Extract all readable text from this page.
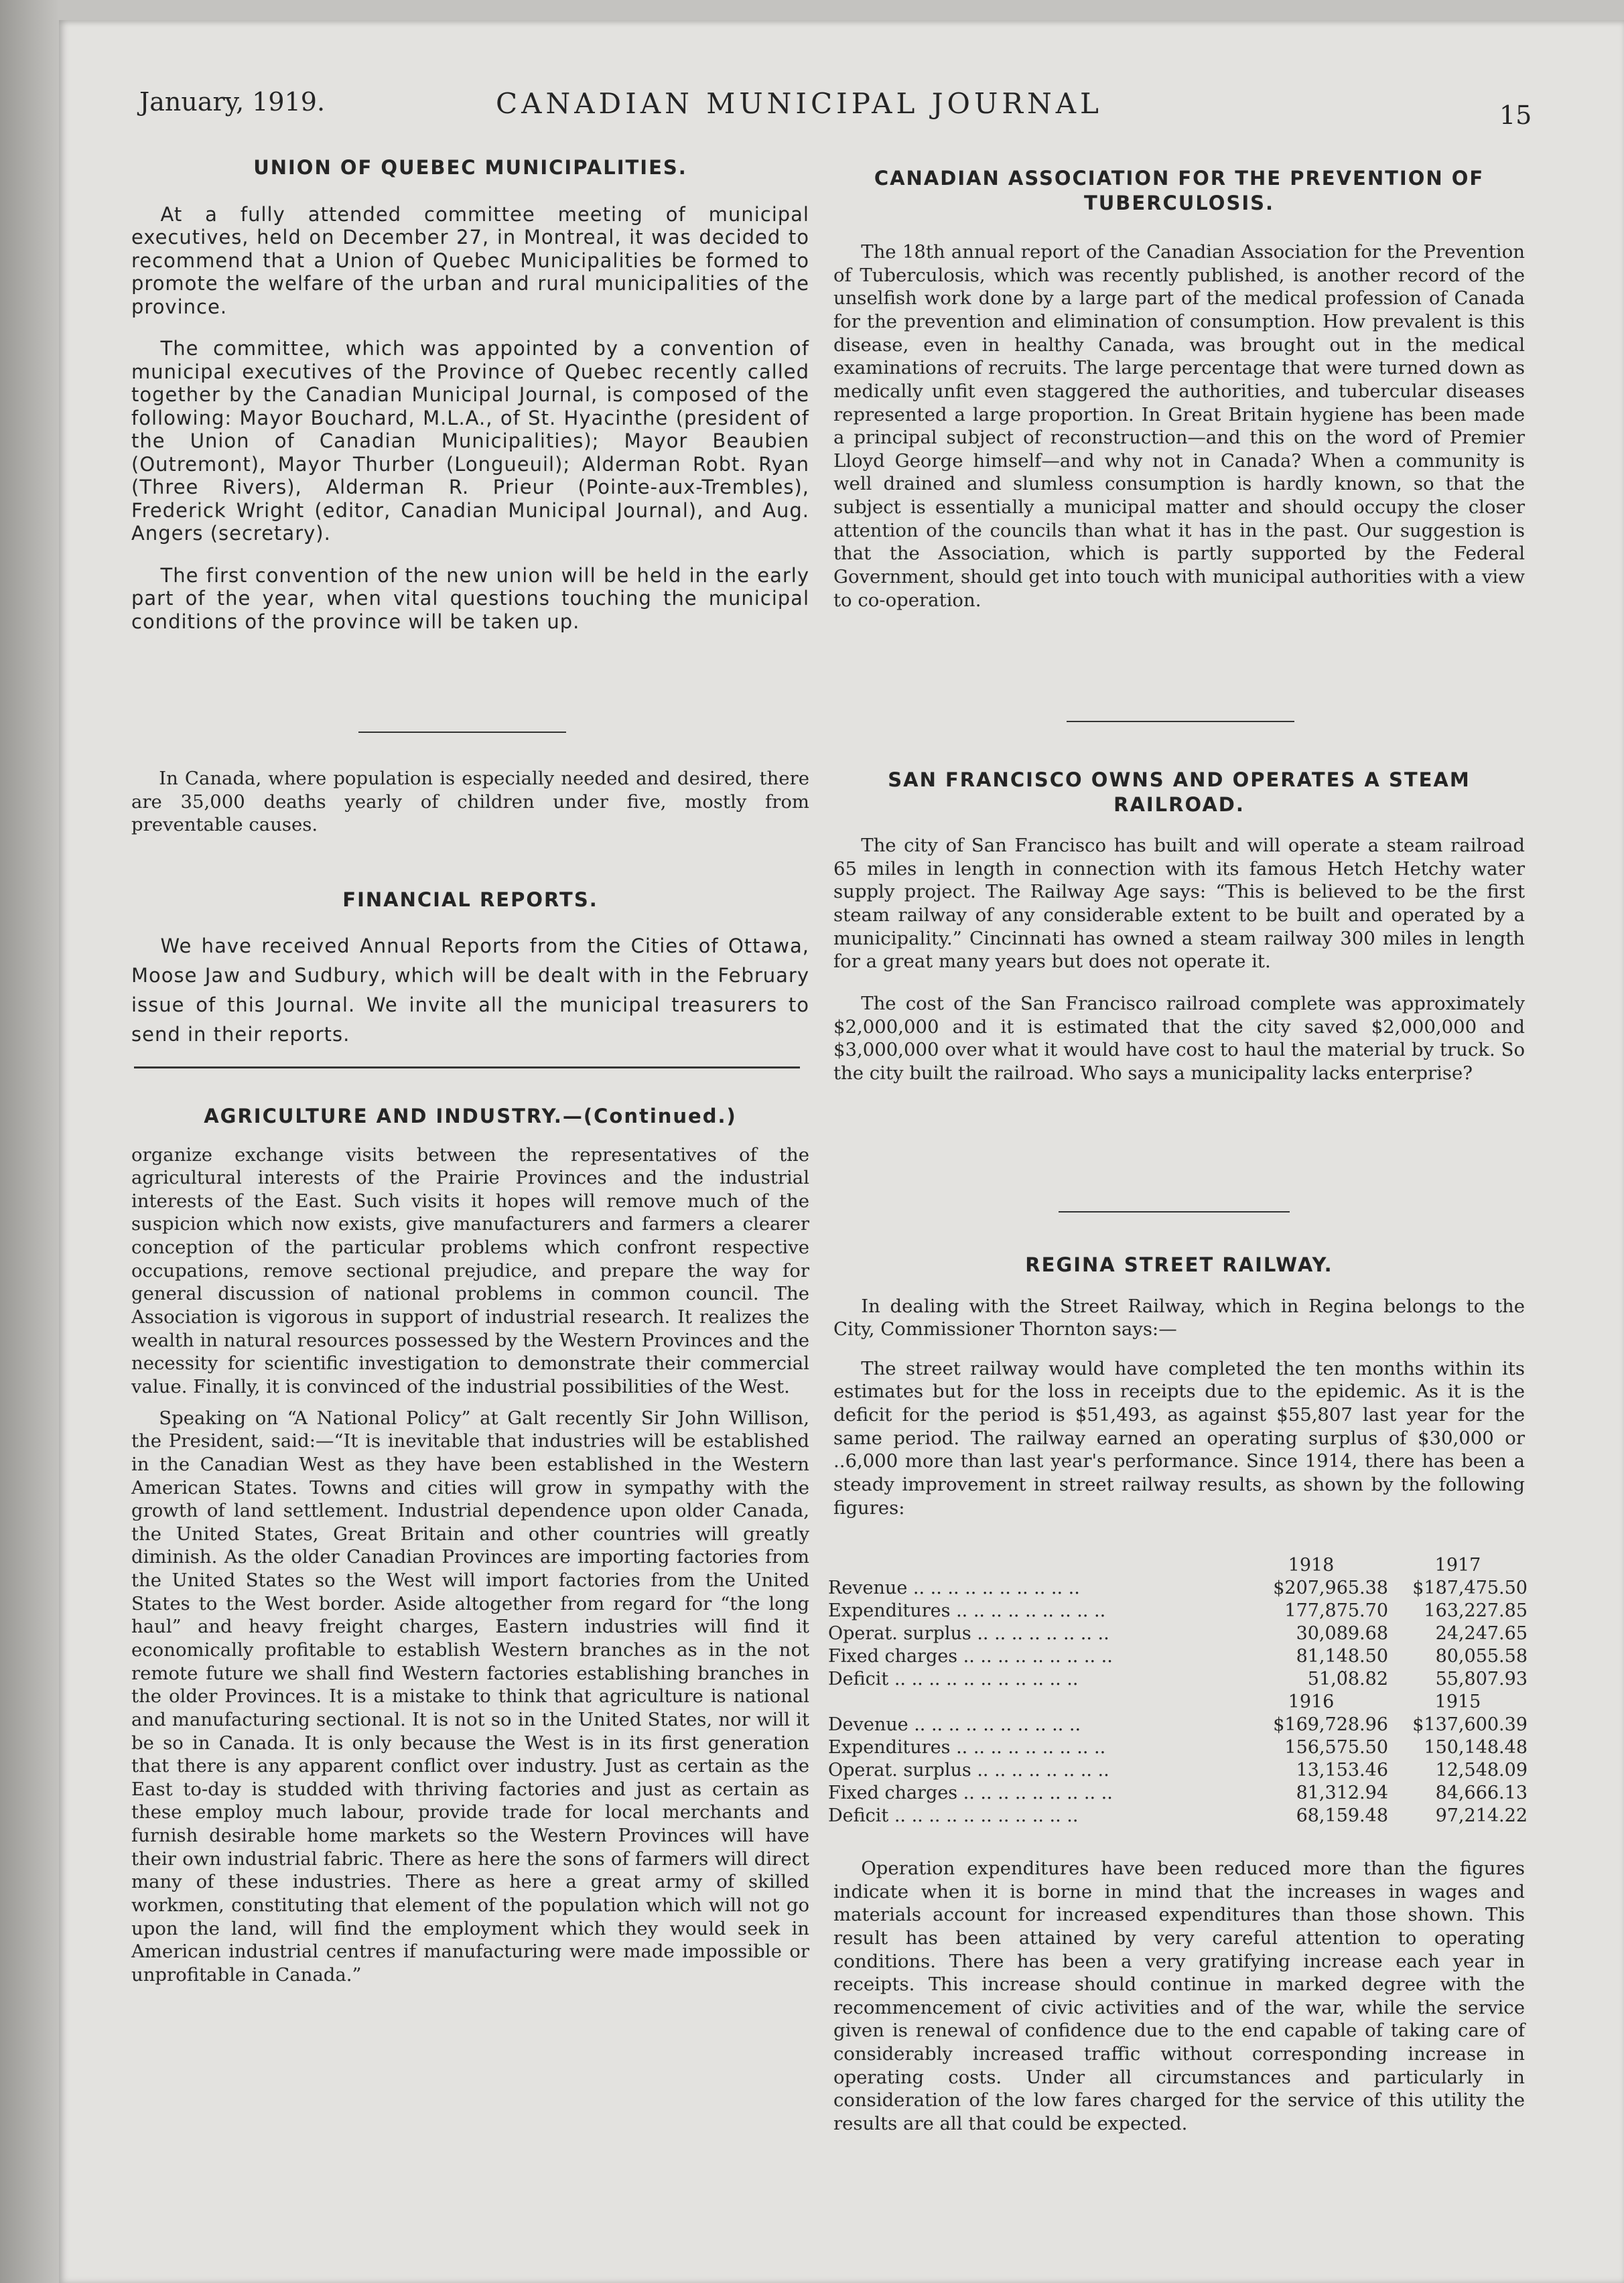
January, 1919.	CANADIAN MUNICIPAL JOURNAL	15
UNION OF QUEBEC MUNICIPALITIES.

At a fully attended committee meeting of municipal executives, held on December 27, in Montreal, it was decided to recommend that a Union of Quebec Municipalities be formed to promote the welfare of the urban and rural municipalities of the province.

The committee, which was appointed by a convention of municipal executives of the Province of Quebec recently called together by the Canadian Municipal Journal, is composed of the following: Mayor Bouchard, M.L.A., of St. Hyacinthe (president of the Union of Canadian Municipalities); Mayor Beaubien (Outremont), Mayor Thurber (Longueuil); Alderman Robt. Ryan (Three Rivers), Alderman R. Prieur (Pointe-aux-Trembles), Frederick Wright (editor, Canadian Municipal Journal), and Aug. Angers (secretary).

The first convention of the new union will be held in the early part of the year, when vital questions touching the municipal conditions of the province will be taken up.

In Canada, where population is especially needed and desired, there are 35,000 deaths yearly of children under five, mostly from preventable causes.

FINANCIAL REPORTS.

We have received Annual Reports from the Cities of Ottawa, Moose Jaw and Sudbury, which will be dealt with in the February issue of this Journal. We invite all the municipal treasurers to send in their reports.

AGRICULTURE AND INDUSTRY.—(Continued.)

organize exchange visits between the representatives of the agricultural interests of the Prairie Provinces and the industrial interests of the East. Such visits it hopes will remove much of the suspicion which now exists, give manufacturers and farmers a clearer conception of the particular problems which confront respective occupations, remove sectional prejudice, and prepare the way for general discussion of national problems in common council. The Association is vigorous in support of industrial research. It realizes the wealth in natural resources possessed by the Western Provinces and the necessity for scientific investigation to demonstrate their commercial value. Finally, it is convinced of the industrial possibilities of the West.

Speaking on “A National Policy” at Galt recently Sir John Willison, the President, said:—“It is inevitable that industries will be established in the Canadian West as they have been established in the Western American States. Towns and cities will grow in sympathy with the growth of land settlement. Industrial dependence upon older Canada, the United States, Great Britain and other countries will greatly diminish. As the older Canadian Provinces are importing factories from the United States so the West will import factories from the United States to the West border. Aside altogether from regard for “the long haul” and heavy freight charges, Eastern industries will find it economically profitable to establish Western branches as in the not remote future we shall find Western factories establishing branches in the older Provinces. It is a mistake to think that agriculture is national and manufacturing sectional. It is not so in the United States, nor will it be so in Canada. It is only because the West is in its first generation that there is any apparent conflict over industry. Just as certain as the East to-day is studded with thriving factories and just as certain as these employ much labour, provide trade for local merchants and furnish desirable home markets so the Western Provinces will have their own industrial fabric. There as here the sons of farmers will direct many of these industries. There as here a great army of skilled workmen, constituting that element of the population which will not go upon the land, will find the employment which they would seek in American industrial centres if manufacturing were made impossible or unprofitable in Canada.”

CANADIAN ASSOCIATION FOR THE PREVENTION OF TUBERCULOSIS.

The 18th annual report of the Canadian Association for the Prevention of Tuberculosis, which was recently published, is another record of the unselfish work done by a large part of the medical profession of Canada for the prevention and elimination of consumption. How prevalent is this disease, even in healthy Canada, was brought out in the medical examinations of recruits. The large percentage that were turned down as medically unfit even staggered the authorities, and tubercular diseases represented a large proportion. In Great Britain hygiene has been made a principal subject of reconstruction—and this on the word of Premier Lloyd George himself—and why not in Canada? When a community is well drained and slumless consumption is hardly known, so that the subject is essentially a municipal matter and should occupy the closer attention of the councils than what it has in the past. Our suggestion is that the Association, which is partly supported by the Federal Government, should get into touch with municipal authorities with a view to co-operation.

SAN FRANCISCO OWNS AND OPERATES A STEAM RAILROAD.

The city of San Francisco has built and will operate a steam railroad 65 miles in length in connection with its famous Hetch Hetchy water supply project. The Railway Age says: “This is believed to be the first steam railway of any considerable extent to be built and operated by a municipality.” Cincinnati has owned a steam railway 300 miles in length for a great many years but does not operate it.

The cost of the San Francisco railroad complete was approximately $2,000,000 and it is estimated that the city saved $2,000,000 and $3,000,000 over what it would have cost to haul the material by truck. So the city built the railroad. Who says a municipality lacks enterprise?

REGINA STREET RAILWAY.

In dealing with the Street Railway, which in Regina belongs to the City, Commissioner Thornton says:—

The street railway would have completed the ten months within its estimates but for the loss in receipts due to the epidemic. As it is the deficit for the period is $51,493, as against $55,807 last year for the same period. The railway earned an operating surplus of $30,000 or ..6,000 more than last year's performance. Since 1914, there has been a steady improvement in street railway results, as shown by the following figures:

	1918	1917
Revenue .. .. .. .. .. .. .. .. .. ..	$207,965.38	$187,475.50
Expenditures .. .. .. .. .. .. .. .. ..	177,875.70	163,227.85
Operat. surplus .. .. .. .. .. .. .. ..	30,089.68	24,247.65
Fixed charges .. .. .. .. .. .. .. .. ..	81,148.50	80,055.58
Deficit .. .. .. .. .. .. .. .. .. .. ..	51,0̃8.82	55,807.93
	1916	1915
Devenue .. .. .. .. .. .. .. .. .. ..	$169,728.96	$137,600.39
Expenditures .. .. .. .. .. .. .. .. ..	156,575.50	150,148.48
Operat. surplus .. .. .. .. .. .. .. ..	13,153.46	12,548.09
Fixed charges .. .. .. .. .. .. .. .. ..	81,312.94	84,666.13
Deficit .. .. .. .. .. .. .. .. .. .. ..	68,159.48	97,214.22

Operation expenditures have been reduced more than the figures indicate when it is borne in mind that the increases in wages and materials account for increased expenditures than those shown. This result has been attained by very careful attention to operating conditions. There has been a very gratifying increase each year in receipts. This increase should continue in marked degree with the recommencement of civic activities and of the war, while the service given is renewal of confidence due to the end capable of taking care of considerably increased traffic without corresponding increase in operating costs. Under all circumstances and particularly in consideration of the low fares charged for the service of this utility the results are all that could be expected.
